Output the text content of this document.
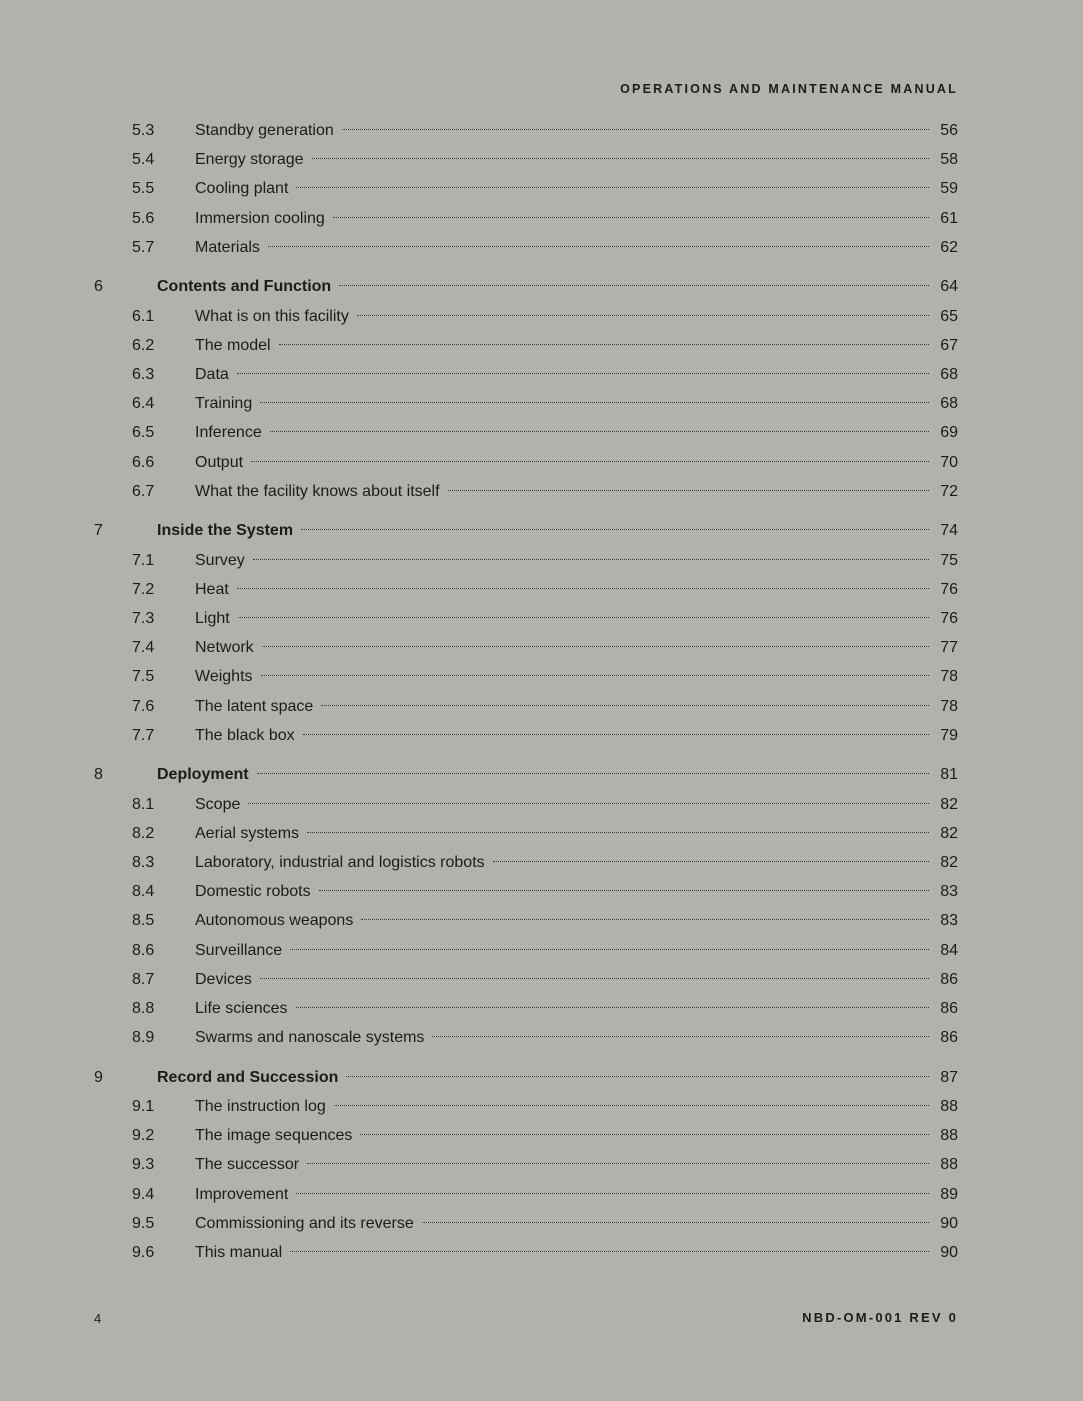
OPERATIONS AND MAINTENANCE MANUAL
5.3	Standby generation	56
5.4	Energy storage	58
5.5	Cooling plant	59
5.6	Immersion cooling	61
5.7	Materials	62
6	Contents and Function	64
6.1	What is on this facility	65
6.2	The model	67
6.3	Data	68
6.4	Training	68
6.5	Inference	69
6.6	Output	70
6.7	What the facility knows about itself	72
7	Inside the System	74
7.1	Survey	75
7.2	Heat	76
7.3	Light	76
7.4	Network	77
7.5	Weights	78
7.6	The latent space	78
7.7	The black box	79
8	Deployment	81
8.1	Scope	82
8.2	Aerial systems	82
8.3	Laboratory, industrial and logistics robots	82
8.4	Domestic robots	83
8.5	Autonomous weapons	83
8.6	Surveillance	84
8.7	Devices	86
8.8	Life sciences	86
8.9	Swarms and nanoscale systems	86
9	Record and Succession	87
9.1	The instruction log	88
9.2	The image sequences	88
9.3	The successor	88
9.4	Improvement	89
9.5	Commissioning and its reverse	90
9.6	This manual	90
4	NBD-OM-001 REV 0
